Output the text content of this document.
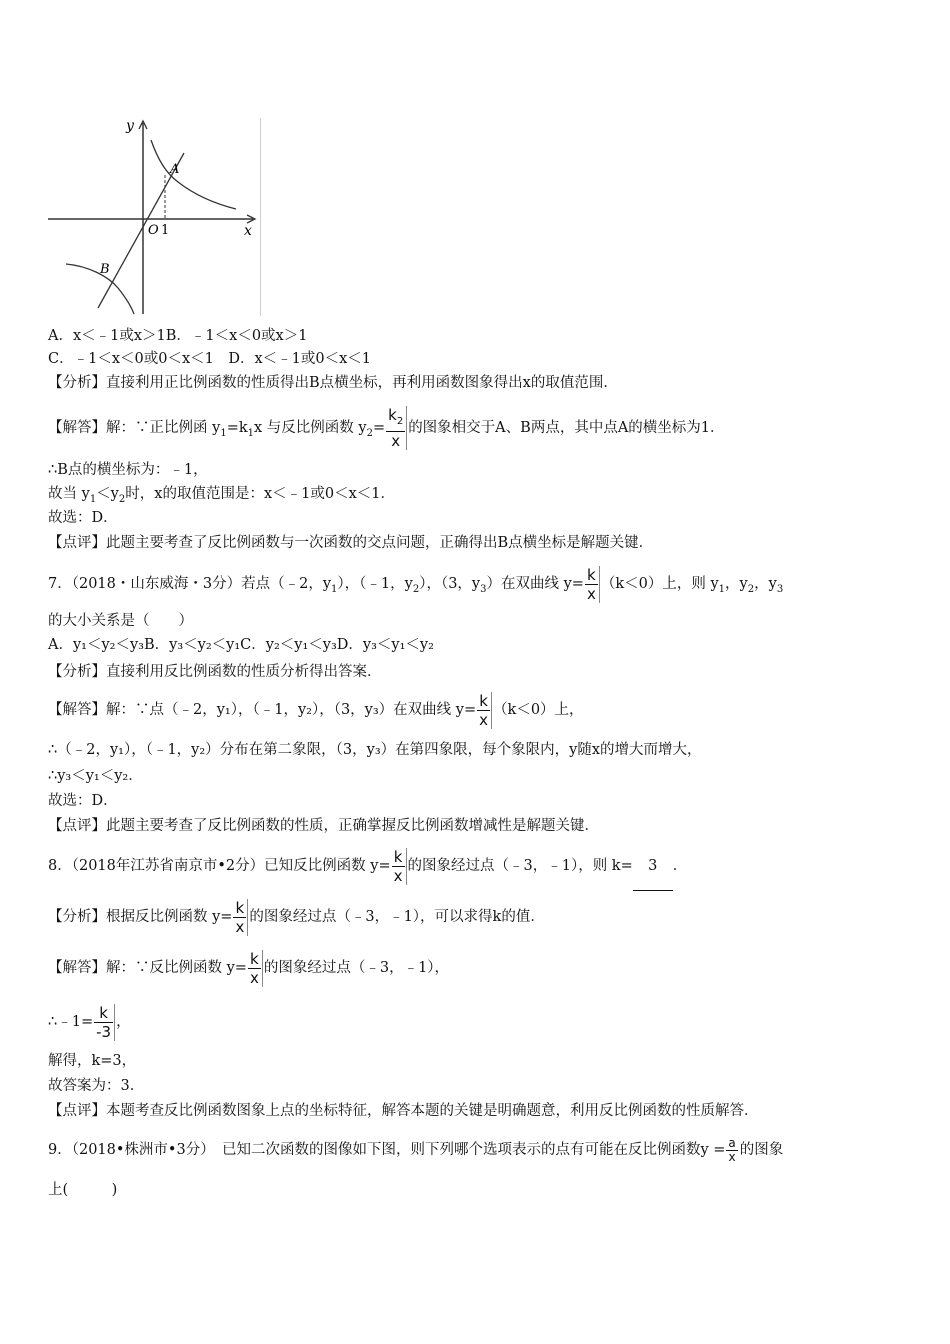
y
x
O 1
A
B
A．x＜﹣1或x＞1B．﹣1＜x＜0或x＞1
C．﹣1＜x＜0或0＜x＜1　D．x＜﹣1或0＜x＜1
【分析】直接利用正比例函数的性质得出B点横坐标，再利用函数图象得出x的取值范围．
【解答】解：∵正比例函 $y_1=k_1x$ 与反比例函数 $y_2= \frac{k_2}{x}$ 的图象相交于A、B两点，其中点A的横坐标为1．
∴B点的横坐标为：﹣1，
故当 $y_1<y_2$时，x的取值范围是：x＜﹣1或0＜x＜1．
故选：D．
【点评】此题主要考查了反比例函数与一次函数的交点问题，正确得出B点横坐标是解题关键．
7．（2018・山东威海・3分）若点（﹣2，$y_1$），（﹣1，$y_2$），（3，$y_3$）在双曲线 $y= \frac{k}{x} (k<0)$上，则 $y_1$，$y_2$，$y_3$
的大小关系是（　　）
A．y₁＜y₂＜y₃B．y₃＜y₂＜y₁C．y₂＜y₁＜y₃D．y₃＜y₁＜y₂
【分析】直接利用反比例函数的性质分析得出答案．
【解答】解：∵点（﹣2，y₁），（﹣1，y₂），（3，y₃）在双曲线 $y= \frac{k}{x} (k<0)$上，
∴（﹣2，y₁），（﹣1，y₂）分布在第二象限，（3，y₃）在第四象限，每个象限内，y随x的增大而增大，
∴y₃＜y₁＜y₂．
故选：D．
【点评】此题主要考查了反比例函数的性质，正确掌握反比例函数增减性是解题关键．
8．（2018年江苏省南京市•2分）已知反比例函数 $y= \frac{k}{x}$ 的图象经过点（﹣3，﹣1），则 k= 3 ．
【分析】根据反比例函数 $y= \frac{k}{x}$ 的图象经过点（﹣3，﹣1），可以求得k的值．
【解答】解：∵反比例函数 $y= \frac{k}{x}$ 的图象经过点（﹣3，﹣1），
∴﹣1= $\frac{k}{-3}$ ，
解得，k=3，
故答案为：3．
【点评】本题考查反比例函数图象上点的坐标特征，解答本题的关键是明确题意，利用反比例函数的性质解答．
9．（2018•株洲市•3分）　已知二次函数的图像如下图，则下列哪个选项表示的点有可能在反比例函数$y = \frac{a}{x}$ 的图象
上(　　　)
